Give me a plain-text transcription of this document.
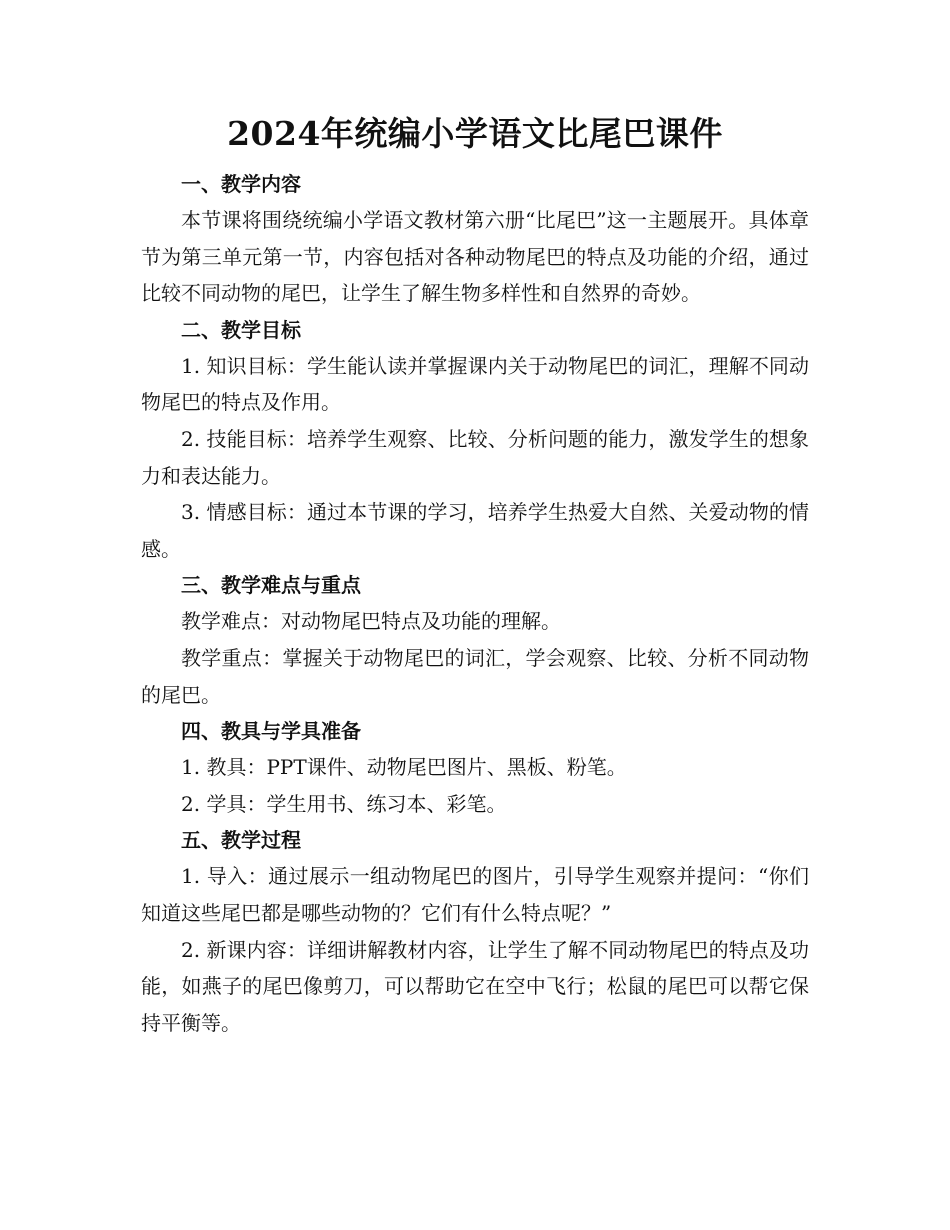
2024年统编小学语文比尾巴课件

一、教学内容

本节课将围绕统编小学语文教材第六册“比尾巴”这一主题展开。具体章节为第三单元第一节，内容包括对各种动物尾巴的特点及功能的介绍，通过比较不同动物的尾巴，让学生了解生物多样性和自然界的奇妙。

二、教学目标

1. 知识目标：学生能认读并掌握课内关于动物尾巴的词汇，理解不同动物尾巴的特点及作用。

2. 技能目标：培养学生观察、比较、分析问题的能力，激发学生的想象力和表达能力。

3. 情感目标：通过本节课的学习，培养学生热爱大自然、关爱动物的情感。

三、教学难点与重点

教学难点：对动物尾巴特点及功能的理解。

教学重点：掌握关于动物尾巴的词汇，学会观察、比较、分析不同动物的尾巴。

四、教具与学具准备

1. 教具：PPT课件、动物尾巴图片、黑板、粉笔。

2. 学具：学生用书、练习本、彩笔。

五、教学过程

1. 导入：通过展示一组动物尾巴的图片，引导学生观察并提问：“你们知道这些尾巴都是哪些动物的？它们有什么特点呢？”

2. 新课内容：详细讲解教材内容，让学生了解不同动物尾巴的特点及功能，如燕子的尾巴像剪刀，可以帮助它在空中飞行；松鼠的尾巴可以帮它保持平衡等。
